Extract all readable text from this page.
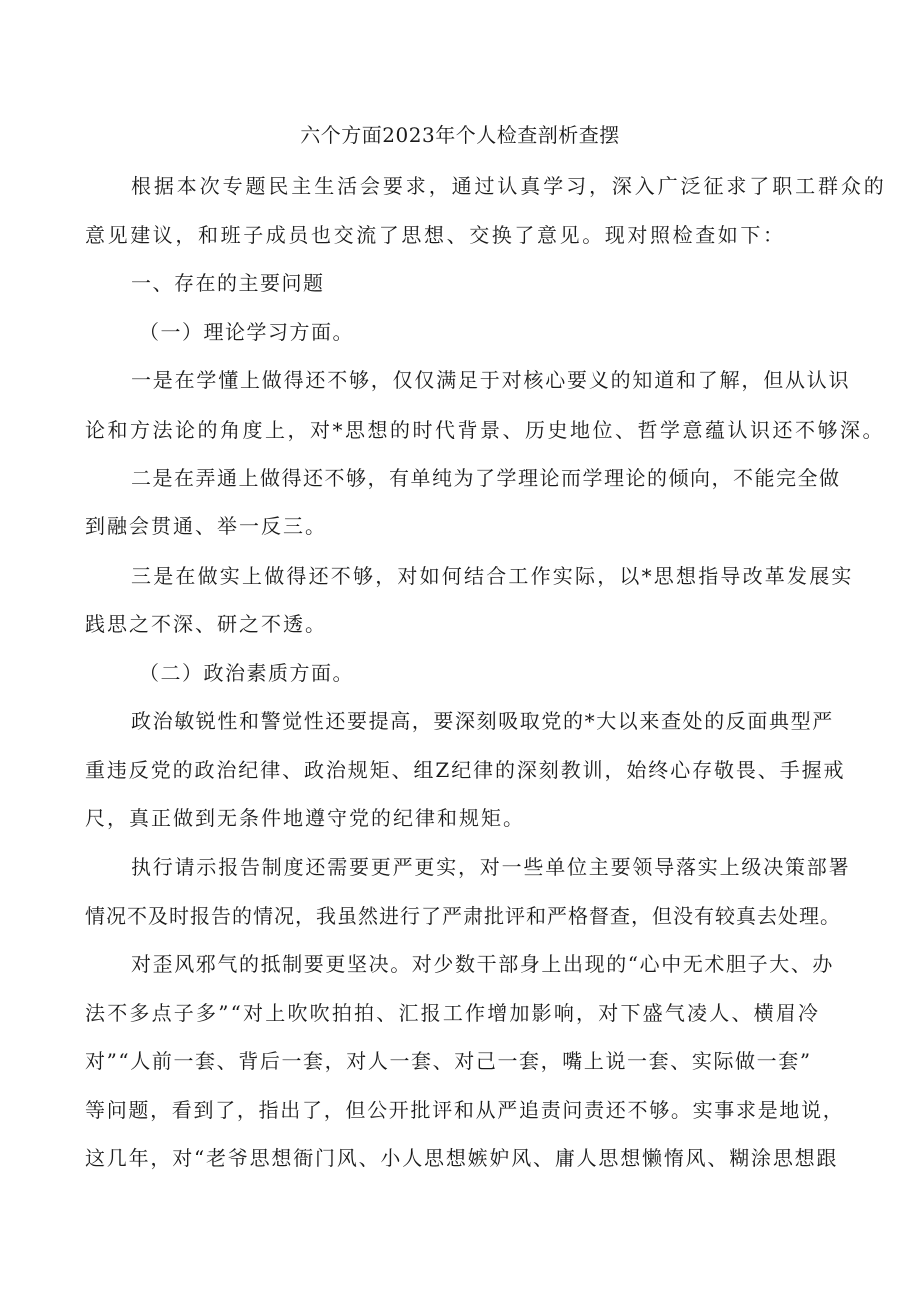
六个方面2023年个人检查剖析查摆
根据本次专题民主生活会要求，通过认真学习，深入广泛征求了职工群众的
意见建议，和班子成员也交流了思想、交换了意见。现对照检查如下：
一、存在的主要问题
（一）理论学习方面。
一是在学懂上做得还不够，仅仅满足于对核心要义的知道和了解，但从认识
论和方法论的角度上，对*思想的时代背景、历史地位、哲学意蕴认识还不够深。
二是在弄通上做得还不够，有单纯为了学理论而学理论的倾向，不能完全做
到融会贯通、举一反三。
三是在做实上做得还不够，对如何结合工作实际，以*思想指导改革发展实
践思之不深、研之不透。
（二）政治素质方面。
政治敏锐性和警觉性还要提高，要深刻吸取党的*大以来查处的反面典型严
重违反党的政治纪律、政治规矩、组Z纪律的深刻教训，始终心存敬畏、手握戒
尺，真正做到无条件地遵守党的纪律和规矩。
执行请示报告制度还需要更严更实，对一些单位主要领导落实上级决策部署
情况不及时报告的情况，我虽然进行了严肃批评和严格督查，但没有较真去处理。
对歪风邪气的抵制要更坚决。对少数干部身上出现的“心中无术胆子大、办
法不多点子多”“对上吹吹拍拍、汇报工作增加影响，对下盛气凌人、横眉冷
对”“人前一套、背后一套，对人一套、对己一套，嘴上说一套、实际做一套”
等问题，看到了，指出了，但公开批评和从严追责问责还不够。实事求是地说，
这几年，对“老爷思想衙门风、小人思想嫉妒风、庸人思想懒惰风、糊涂思想跟
